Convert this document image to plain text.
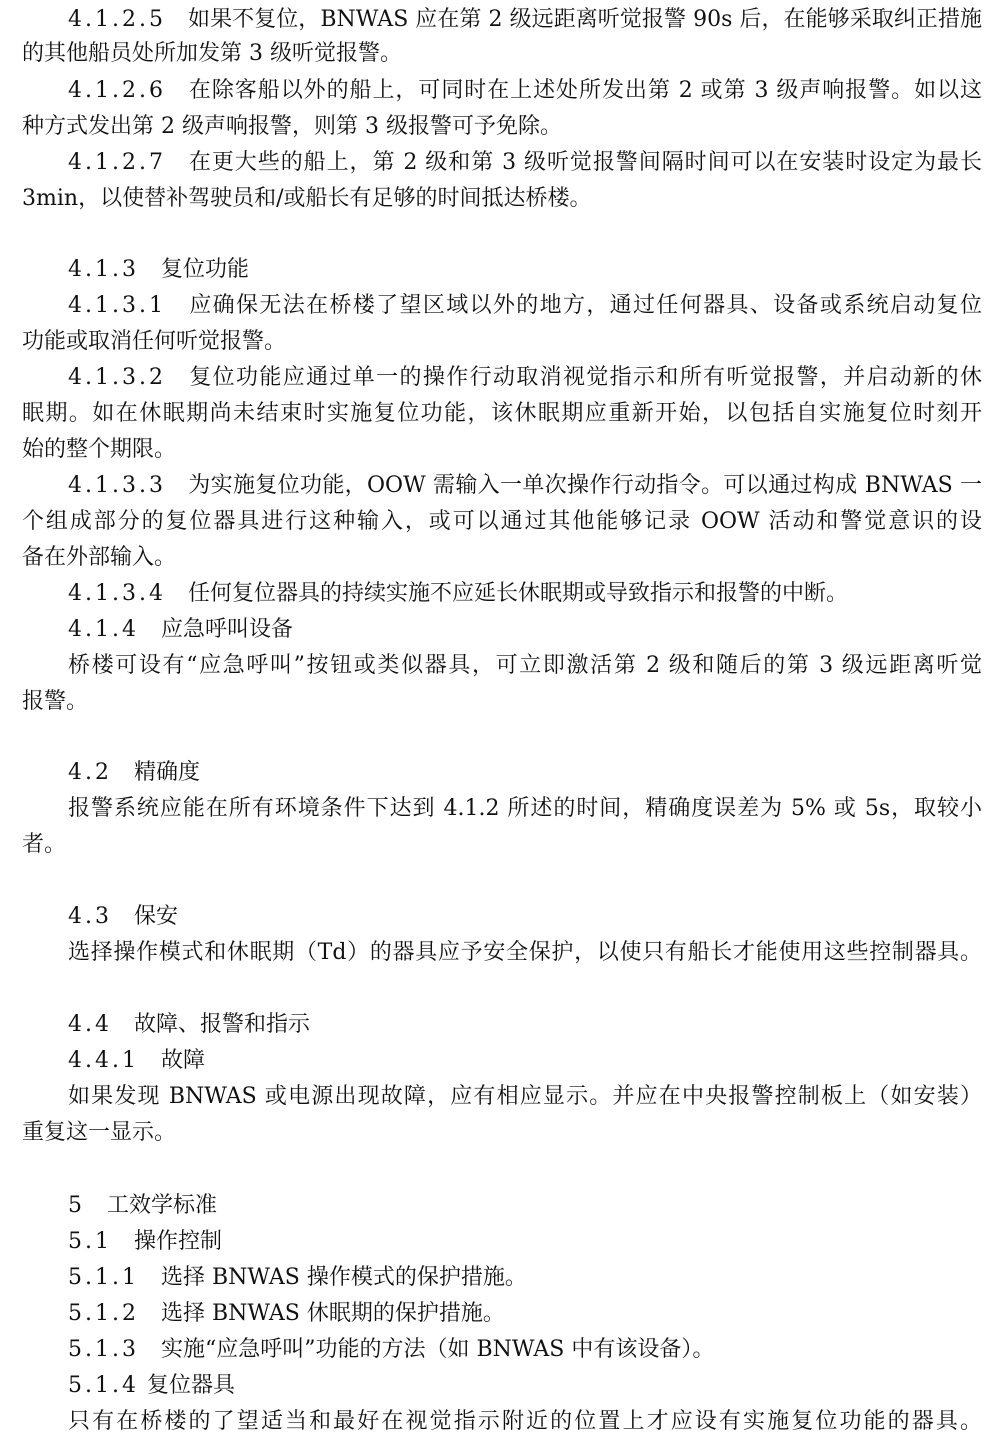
4.1.2.5 如果不复位，BNWAS 应在第 2 级远距离听觉报警 90s 后，在能够采取纠正措施
的其他船员处所加发第 3 级听觉报警。
4.1.2.6 在除客船以外的船上，可同时在上述处所发出第 2 或第 3 级声响报警。如以这
种方式发出第 2 级声响报警，则第 3 级报警可予免除。
4.1.2.7 在更大些的船上，第 2 级和第 3 级听觉报警间隔时间可以在安装时设定为最长
3min，以使替补驾驶员和/或船长有足够的时间抵达桥楼。
4.1.3 复位功能
4.1.3.1 应确保无法在桥楼了望区域以外的地方，通过任何器具、设备或系统启动复位
功能或取消任何听觉报警。
4.1.3.2 复位功能应通过单一的操作行动取消视觉指示和所有听觉报警，并启动新的休
眠期。如在休眠期尚未结束时实施复位功能，该休眠期应重新开始，以包括自实施复位时刻开
始的整个期限。
4.1.3.3 为实施复位功能，OOW 需输入一单次操作行动指令。可以通过构成 BNWAS 一
个组成部分的复位器具进行这种输入，或可以通过其他能够记录 OOW 活动和警觉意识的设
备在外部输入。
4.1.3.4 任何复位器具的持续实施不应延长休眠期或导致指示和报警的中断。
4.1.4 应急呼叫设备
桥楼可设有“应急呼叫”按钮或类似器具，可立即激活第 2 级和随后的第 3 级远距离听觉
报警。
4.2 精确度
报警系统应能在所有环境条件下达到 4.1.2 所述的时间，精确度误差为 5% 或 5s，取较小
者。
4.3 保安
选择操作模式和休眠期（Td）的器具应予安全保护，以使只有船长才能使用这些控制器具。
4.4 故障、报警和指示
4.4.1 故障
如果发现 BNWAS 或电源出现故障，应有相应显示。并应在中央报警控制板上（如安装）
重复这一显示。
5 工效学标准
5.1 操作控制
5.1.1 选择 BNWAS 操作模式的保护措施。
5.1.2 选择 BNWAS 休眠期的保护措施。
5.1.3 实施“应急呼叫”功能的方法（如 BNWAS 中有该设备）。
5.1.4 复位器具
只有在桥楼的了望适当和最好在视觉指示附近的位置上才应设有实施复位功能的器具。
